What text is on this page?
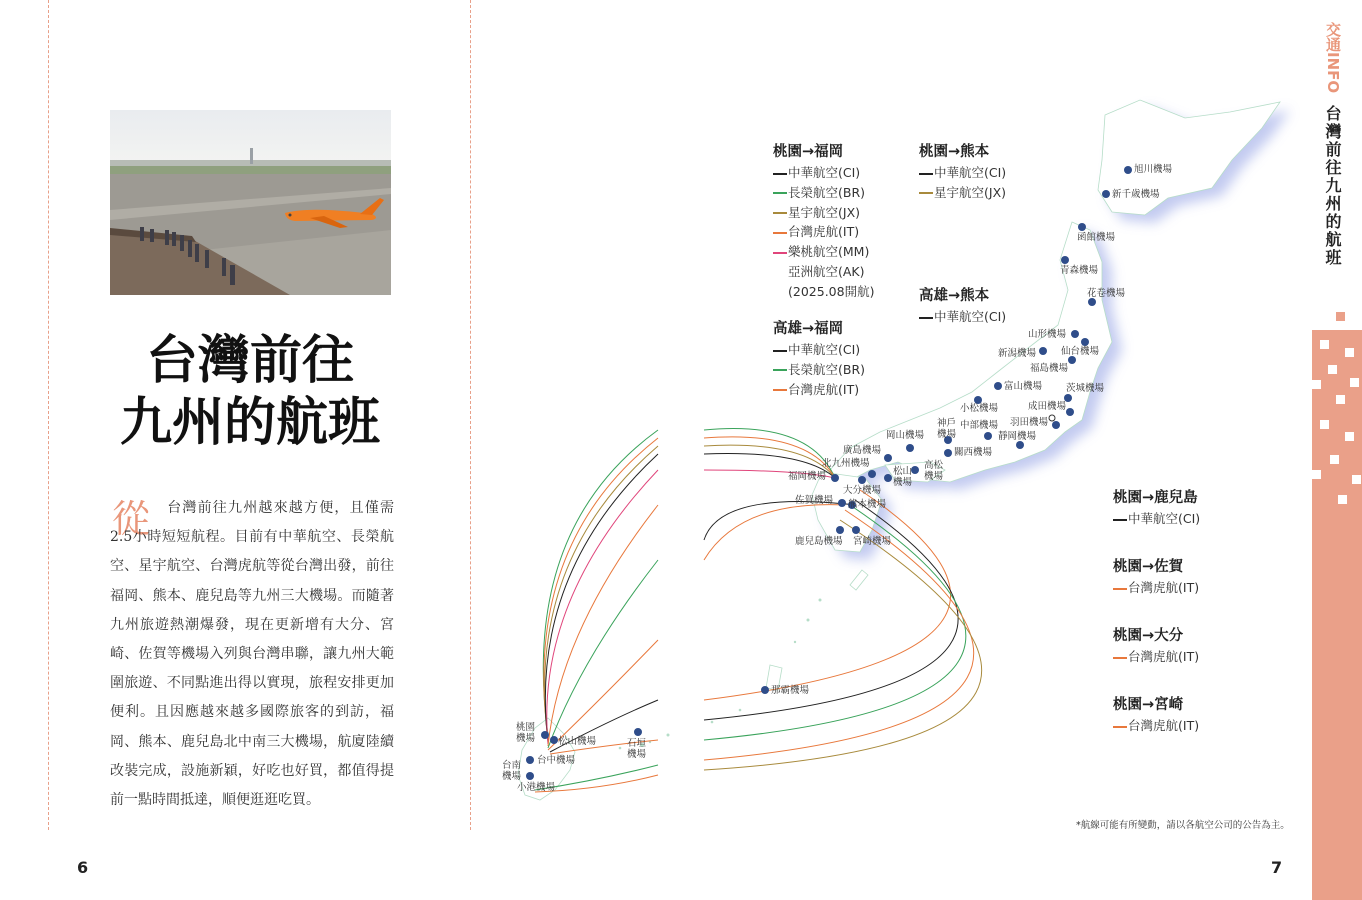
台灣前往
九州的航班
從	台灣前往九州越來越方便，且僅需2.5小時短短航程。目前有中華航空、長榮航空、星宇航空、台灣虎航等從台灣出發，前往福岡、熊本、鹿兒島等九州三大機場。而隨著九州旅遊熱潮爆發，現在更新增有大分、宮崎、佐賀等機場入列與台灣串聯，讓九州大範圍旅遊、不同點進出得以實現，旅程安排更加便利。且因應越來越多國際旅客的到訪，福岡、熊本、鹿兒島北中南三大機場，航廈陸續改裝完成，設施新穎，好吃也好買，都值得提前一點時間抵達，順便逛逛吃買。
6	7
桃園→福岡
中華航空(CI)
長榮航空(BR)
星宇航空(JX)
台灣虎航(IT)
樂桃航空(MM)
亞洲航空(AK)
(2025.08開航)
高雄→福岡
中華航空(CI)
長榮航空(BR)
台灣虎航(IT)
桃園→熊本
中華航空(CI)
星宇航空(JX)
高雄→熊本
中華航空(CI)
桃園→鹿兒島
中華航空(CI)
桃園→佐賀
台灣虎航(IT)
桃園→大分
台灣虎航(IT)
桃園→宮崎
台灣虎航(IT)
旭川機場
新千歲機場
函館機場
青森機場
花卷機場
山形機場
仙台機場
新潟機場
福島機場
富山機場	茨城機場
小松機場	成田機場
羽田機場
靜岡機場
神戶
機場
中部機場
關西機場
岡山機場
廣島機場
北九州機場
福岡機場
大分機場
松山
機場
高松
機場
佐賀機場 熊本機場
鹿兒島機場 宮崎機場
那霸機場
桃園
機場 松山機場
台中機場
台南
機場
小港機場
石垣
機場
*航線可能有所變動，請以各航空公司的公告為主。
交通INFO
台灣前往九州的航班
